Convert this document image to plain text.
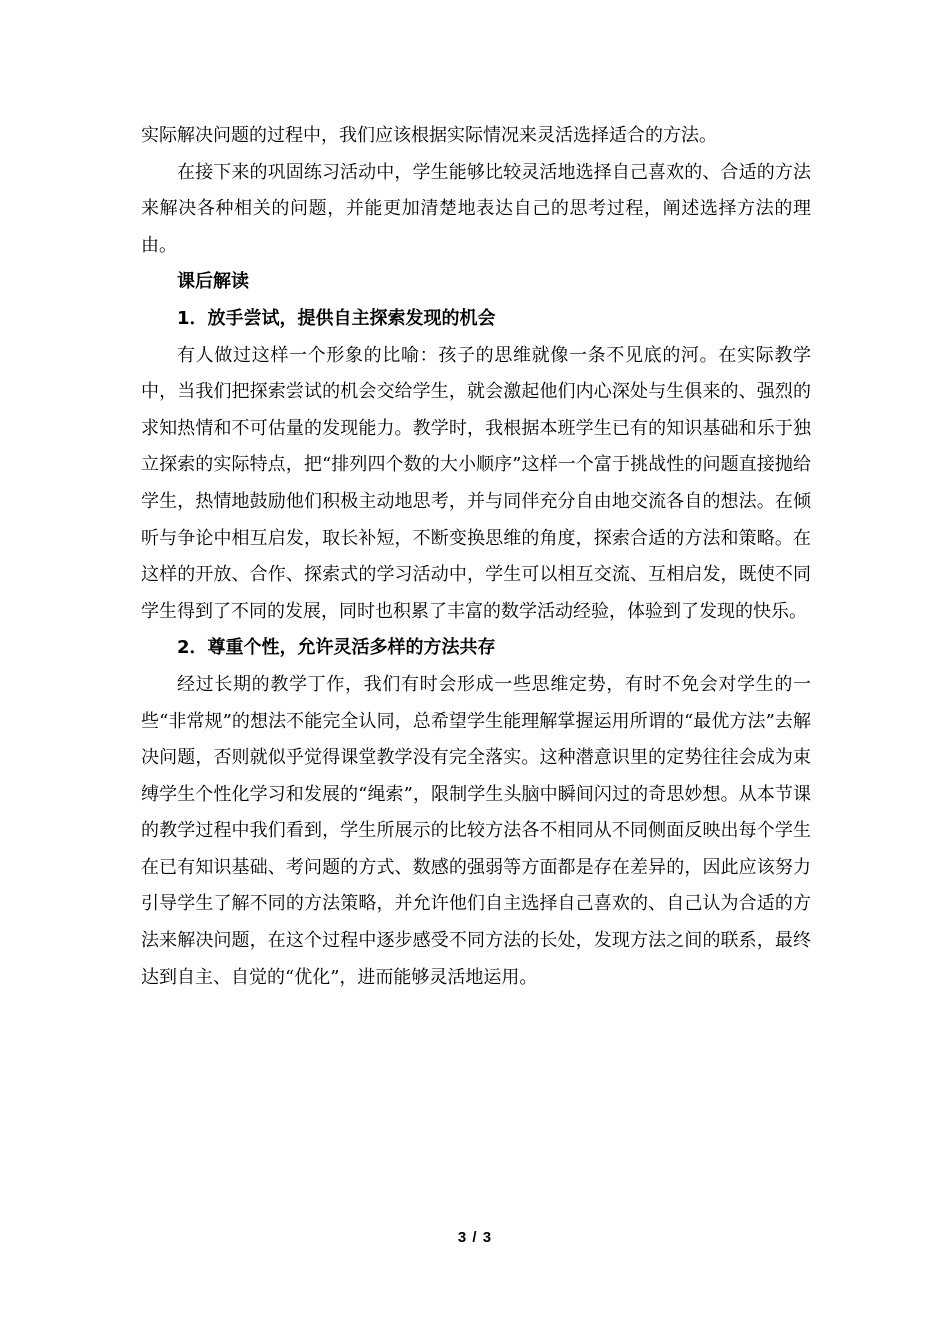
实际解决问题的过程中，我们应该根据实际情况来灵活选择适合的方法。

在接下来的巩固练习活动中，学生能够比较灵活地选择自己喜欢的、合适的方法来解决各种相关的问题，并能更加清楚地表达自己的思考过程，阐述选择方法的理由。

课后解读

1．放手尝试，提供自主探索发现的机会

有人做过这样一个形象的比喻：孩子的思维就像一条不见底的河。在实际教学中，当我们把探索尝试的机会交给学生，就会激起他们内心深处与生俱来的、强烈的求知热情和不可估量的发现能力。教学时，我根据本班学生已有的知识基础和乐于独立探索的实际特点，把“排列四个数的大小顺序”这样一个富于挑战性的问题直接抛给学生，热情地鼓励他们积极主动地思考，并与同伴充分自由地交流各自的想法。在倾听与争论中相互启发，取长补短，不断变换思维的角度，探索合适的方法和策略。在这样的开放、合作、探索式的学习活动中，学生可以相互交流、互相启发，既使不同学生得到了不同的发展，同时也积累了丰富的数学活动经验，体验到了发现的快乐。

2．尊重个性，允许灵活多样的方法共存

经过长期的教学丁作，我们有时会形成一些思维定势，有时不免会对学生的一些“非常规”的想法不能完全认同，总希望学生能理解掌握运用所谓的“最优方法”去解决问题，否则就似乎觉得课堂教学没有完全落实。这种潜意识里的定势往往会成为束缚学生个性化学习和发展的“绳索”，限制学生头脑中瞬间闪过的奇思妙想。从本节课的教学过程中我们看到，学生所展示的比较方法各不相同从不同侧面反映出每个学生在已有知识基础、考问题的方式、数感的强弱等方面都是存在差异的，因此应该努力引导学生了解不同的方法策略，并允许他们自主选择自己喜欢的、自己认为合适的方法来解决问题，在这个过程中逐步感受不同方法的长处，发现方法之间的联系，最终达到自主、自觉的“优化”，进而能够灵活地运用。

3 / 3
